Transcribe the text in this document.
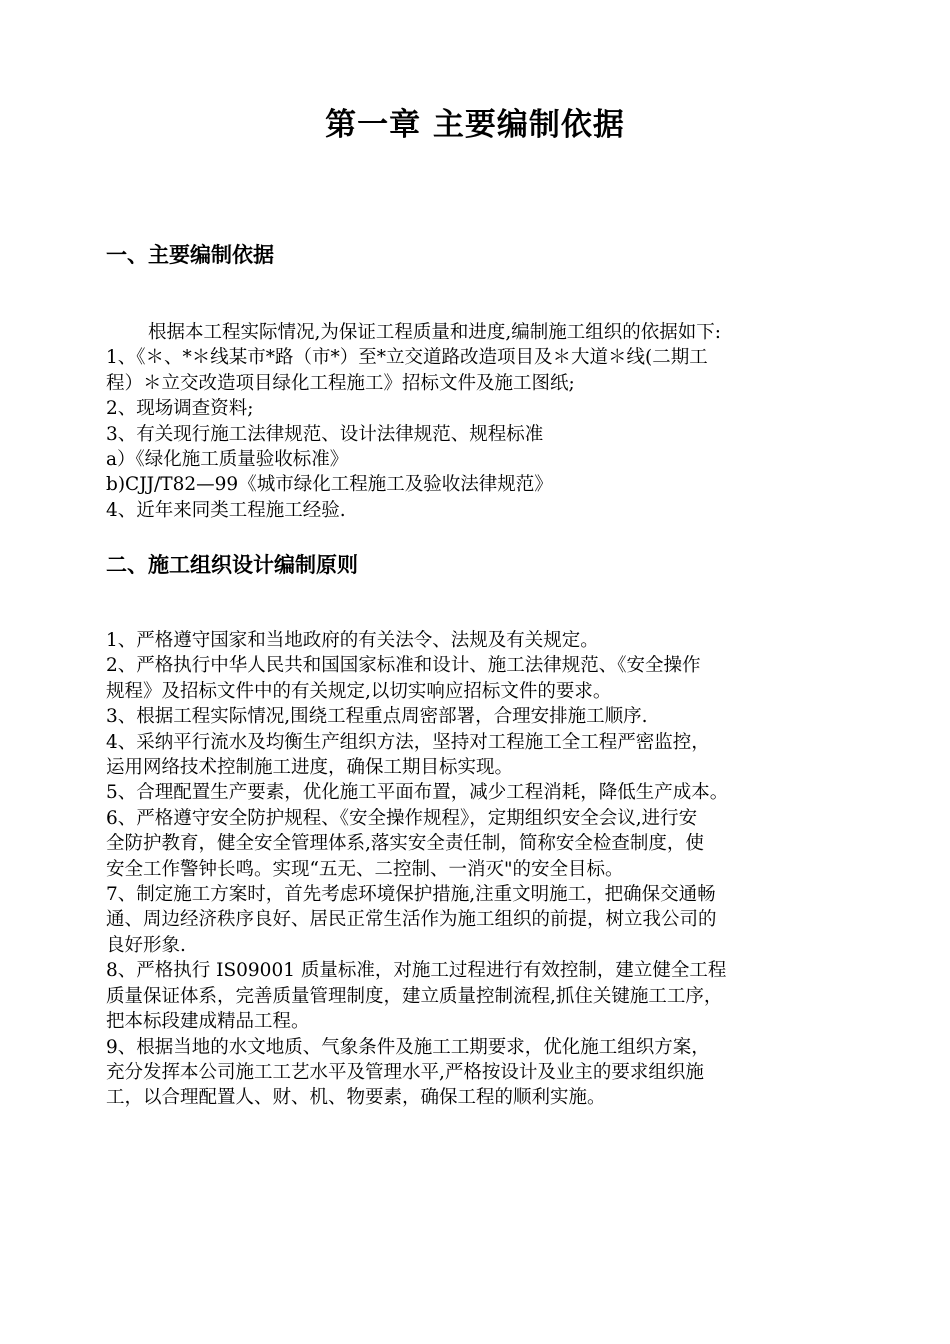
第一章 主要编制依据
一、主要编制依据
根据本工程实际情况,为保证工程质量和进度,编制施工组织的依据如下:
1、《＊、*＊线某市*路（市*）至*立交道路改造项目及＊大道＊线(二期工
程）＊立交改造项目绿化工程施工》招标文件及施工图纸;
2、现场调查资料;
3、有关现行施工法律规范、设计法律规范、规程标准
a）《绿化施工质量验收标准》
b)CJJ/T82—99《城市绿化工程施工及验收法律规范》
4、近年来同类工程施工经验.
二、施工组织设计编制原则
1、严格遵守国家和当地政府的有关法令、法规及有关规定。
2、严格执行中华人民共和国国家标准和设计、施工法律规范、《安全操作
规程》及招标文件中的有关规定,以切实响应招标文件的要求。
3、根据工程实际情况,围绕工程重点周密部署，合理安排施工顺序.
4、采纳平行流水及均衡生产组织方法，坚持对工程施工全工程严密监控，
运用网络技术控制施工进度，确保工期目标实现。
5、合理配置生产要素，优化施工平面布置，减少工程消耗，降低生产成本。
6、严格遵守安全防护规程、《安全操作规程》，定期组织安全会议,进行安
全防护教育，健全安全管理体系,落实安全责任制，简称安全检查制度，使
安全工作警钟长鸣。实现“五无、二控制、一消灭"的安全目标。
7、制定施工方案时，首先考虑环境保护措施,注重文明施工，把确保交通畅
通、周边经济秩序良好、居民正常生活作为施工组织的前提，树立我公司的
良好形象.
8、严格执行 IS09001 质量标准，对施工过程进行有效控制，建立健全工程
质量保证体系，完善质量管理制度，建立质量控制流程,抓住关键施工工序，
把本标段建成精品工程。
9、根据当地的水文地质、气象条件及施工工期要求，优化施工组织方案，
充分发挥本公司施工工艺水平及管理水平,严格按设计及业主的要求组织施
工，以合理配置人、财、机、物要素，确保工程的顺利实施。
